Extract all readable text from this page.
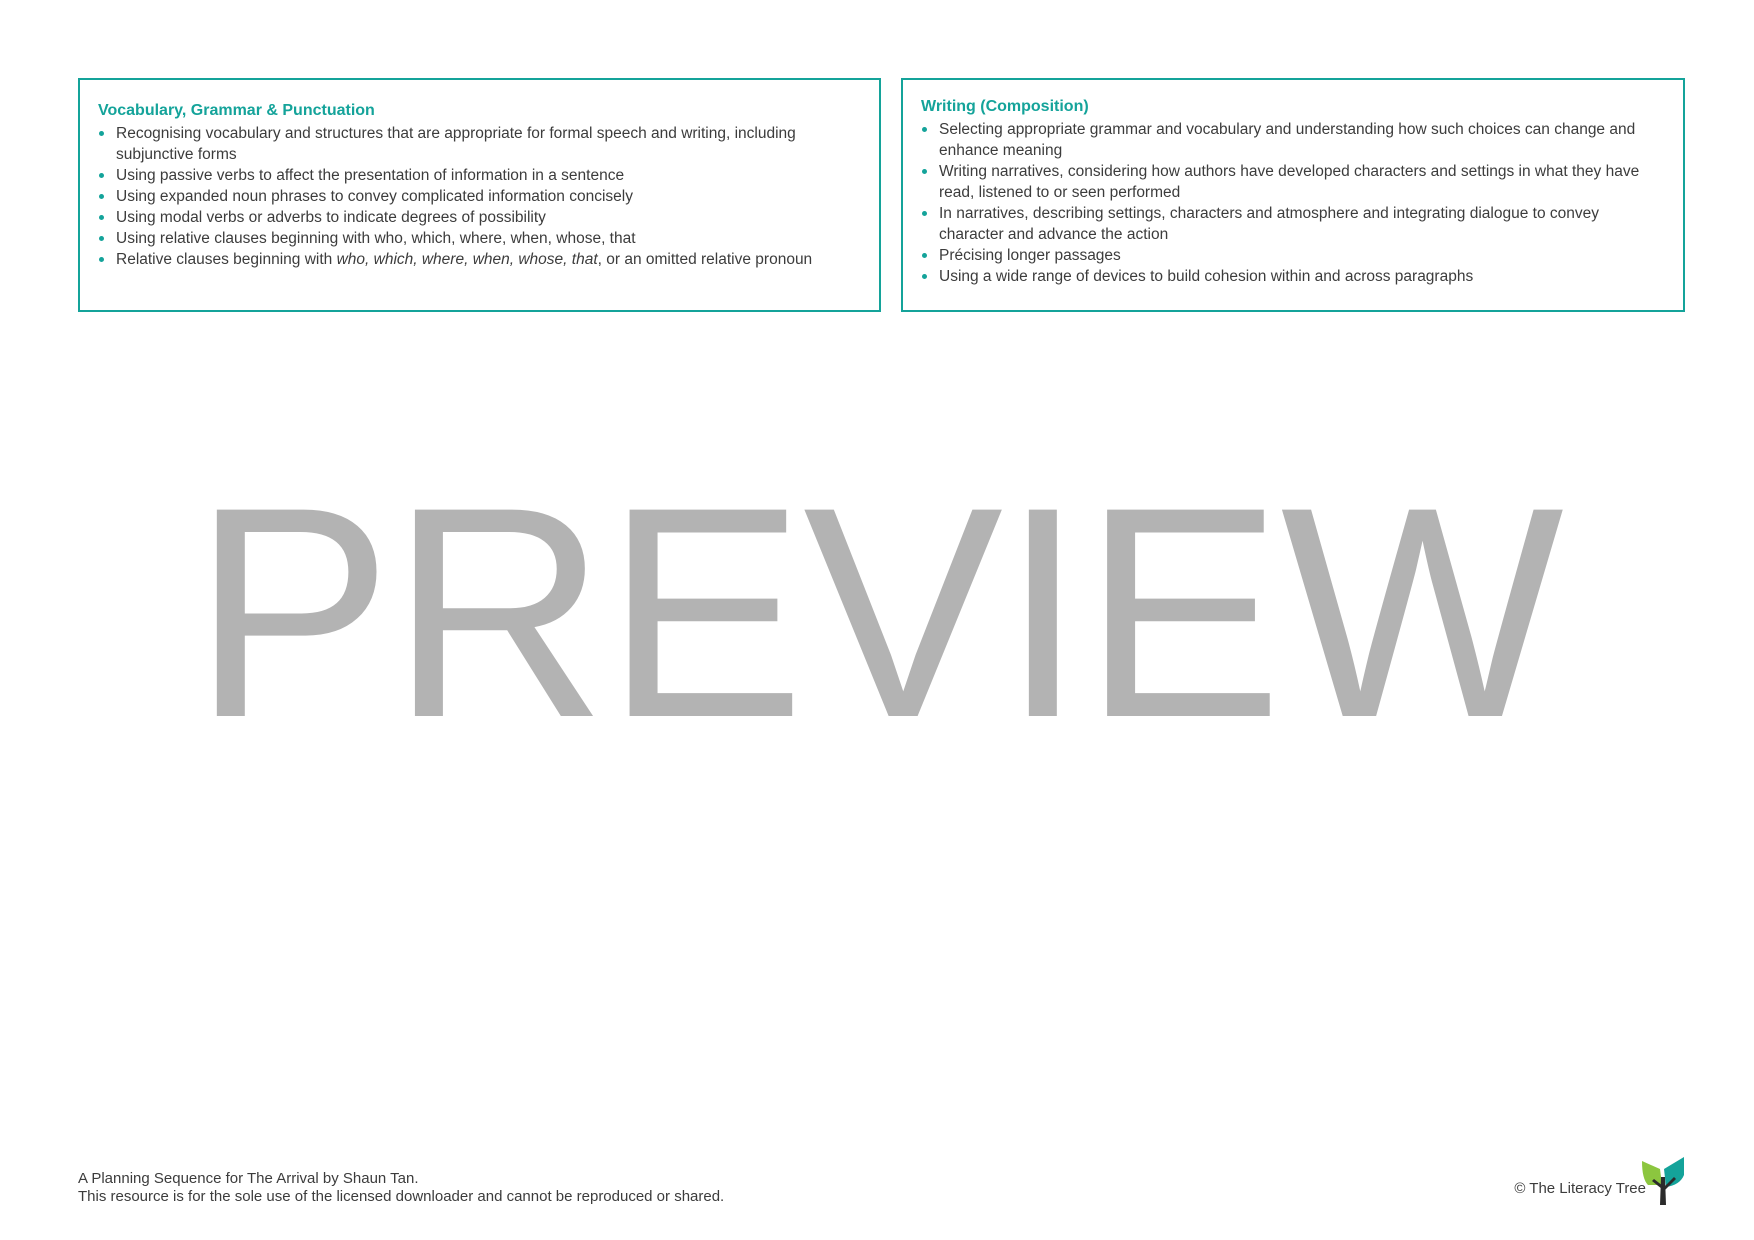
Vocabulary, Grammar & Punctuation
Recognising vocabulary and structures that are appropriate for formal speech and writing, including subjunctive forms
Using passive verbs to affect the presentation of information in a sentence
Using expanded noun phrases to convey complicated information concisely
Using modal verbs or adverbs to indicate degrees of possibility
Using relative clauses beginning with who, which, where, when, whose, that
Relative clauses beginning with who, which, where, when, whose, that, or an omitted relative pronoun
Writing (Composition)
Selecting appropriate grammar and vocabulary and understanding how such choices can change and enhance meaning
Writing narratives, considering how authors have developed characters and settings in what they have read, listened to or seen performed
In narratives, describing settings, characters and atmosphere and integrating dialogue to convey character and advance the action
Précising longer passages
Using a wide range of devices to build cohesion within and across paragraphs
PREVIEW
A Planning Sequence for The Arrival by Shaun Tan.
This resource is for the sole use of the licensed downloader and cannot be reproduced or shared.	© The Literacy Tree
